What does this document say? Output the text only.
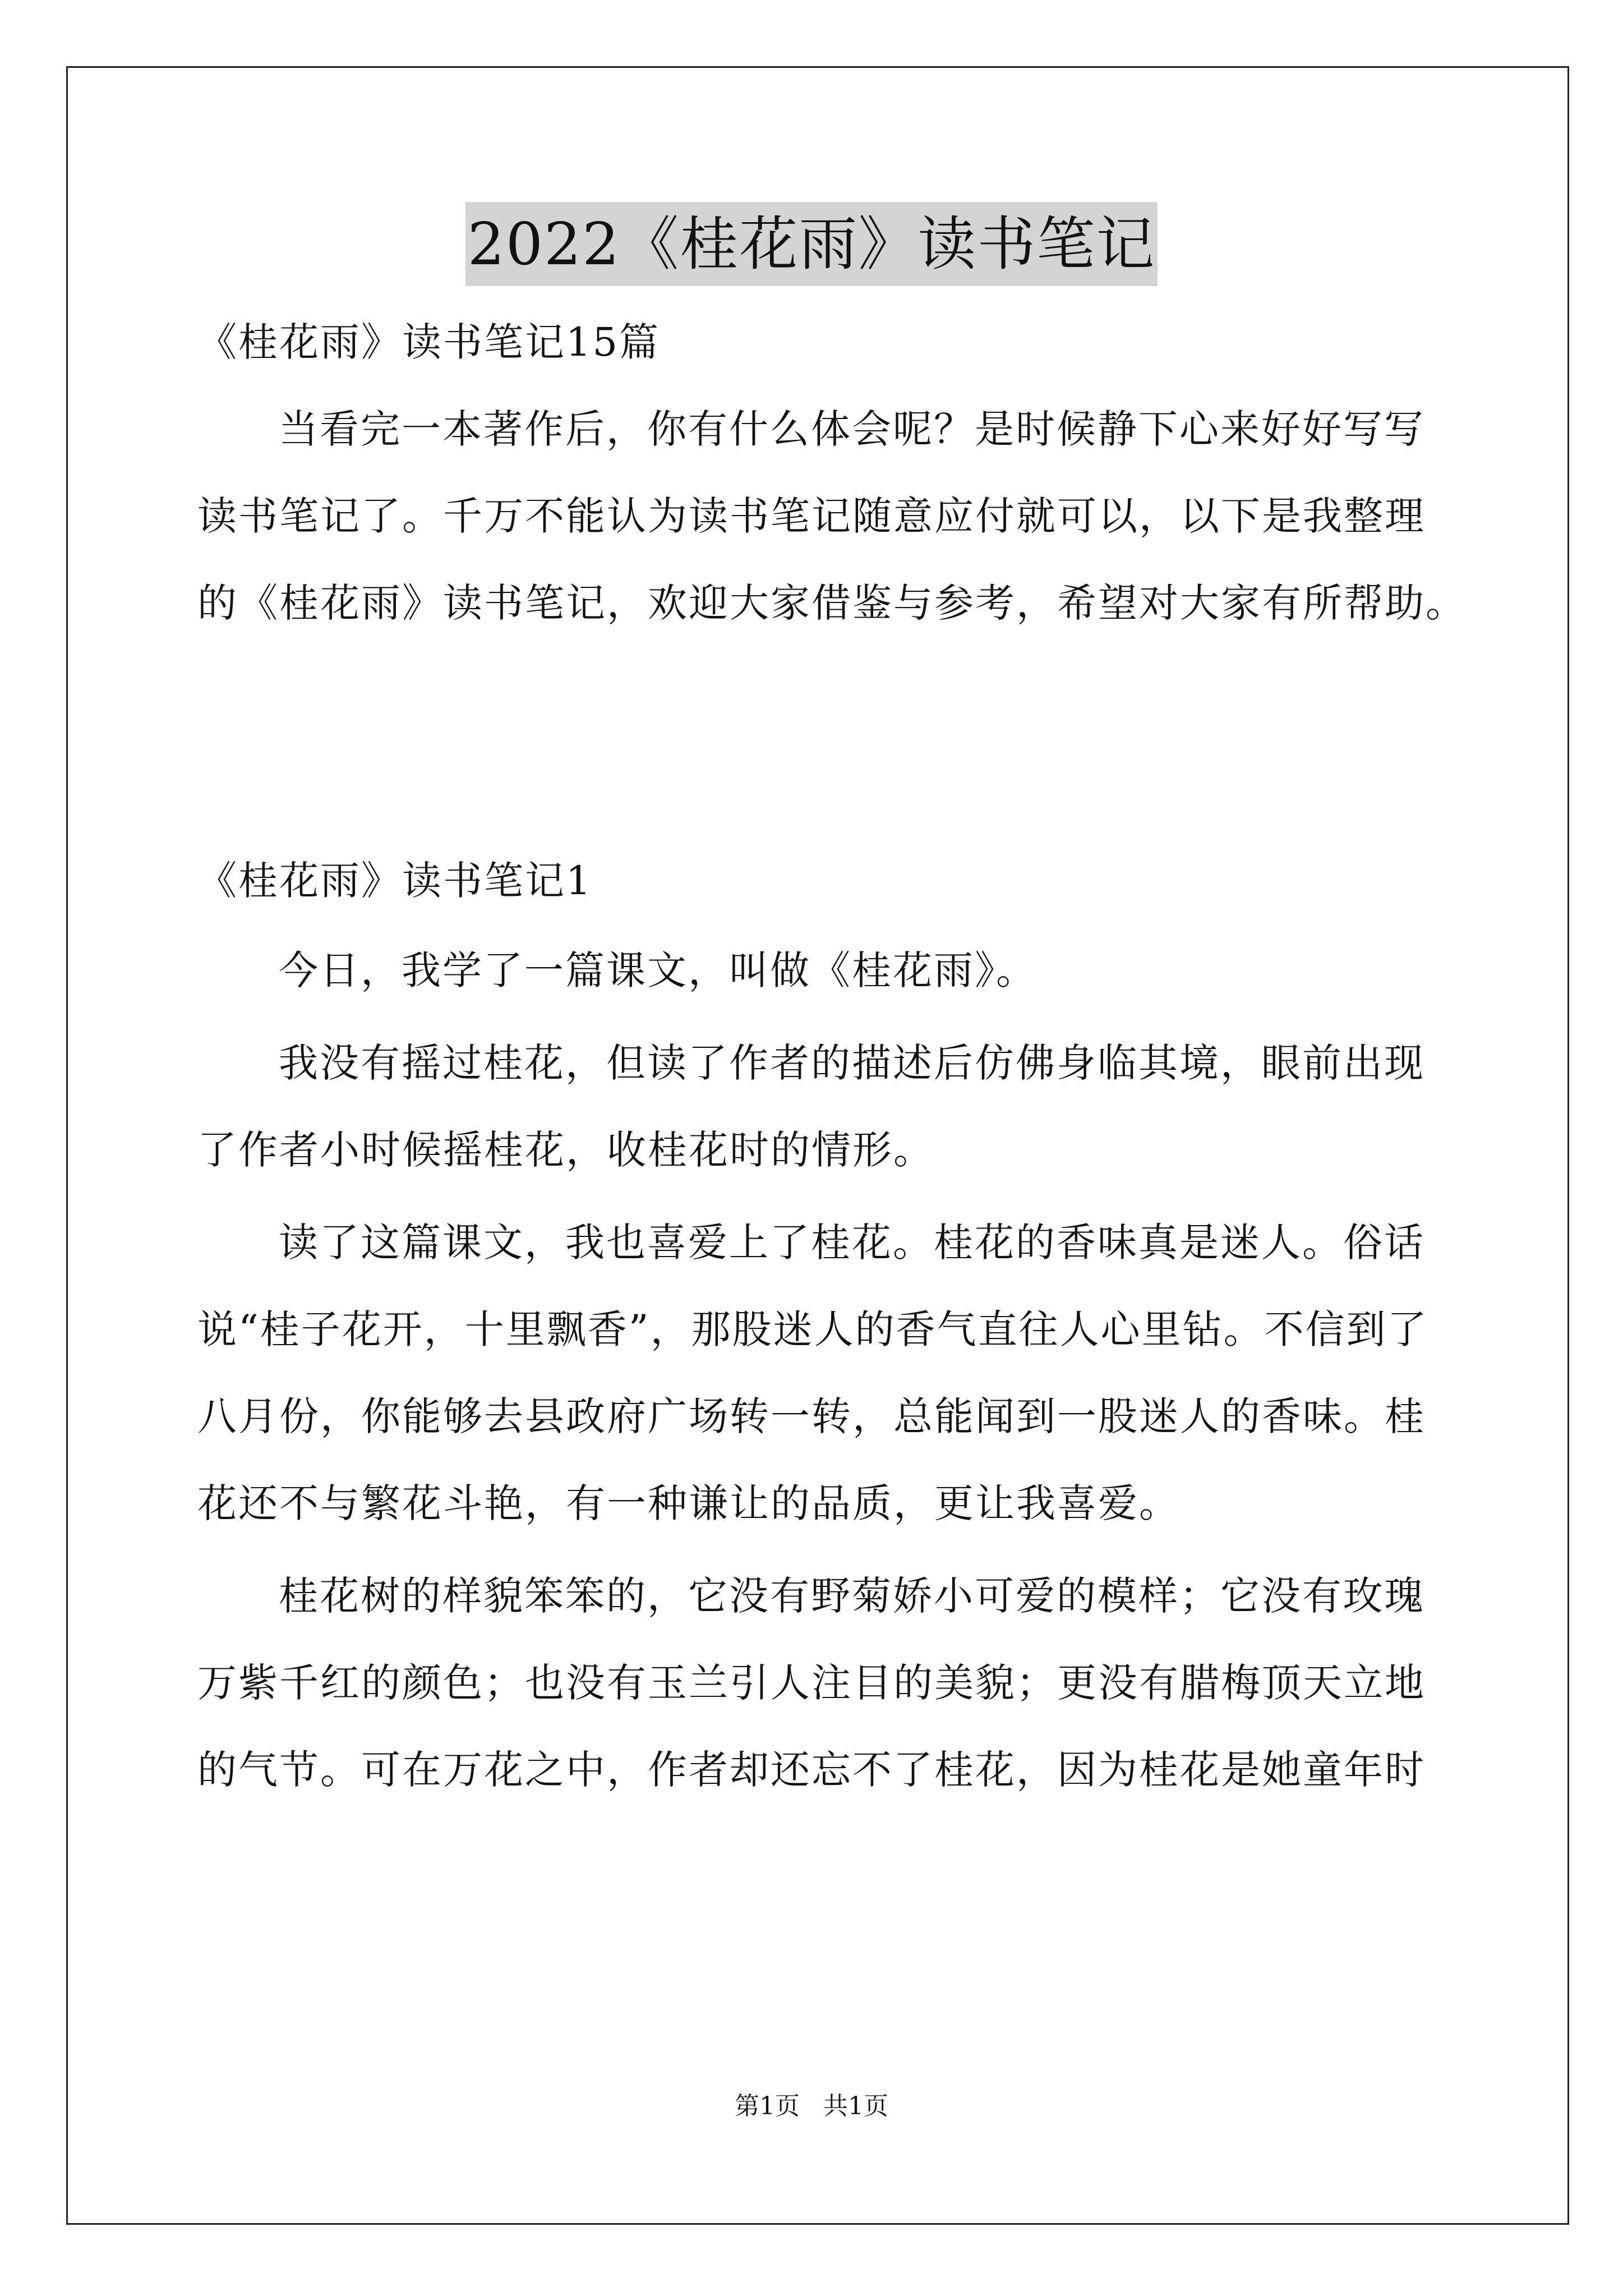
2022《桂花雨》读书笔记
《桂花雨》读书笔记15篇
当看完一本著作后，你有什么体会呢？是时候静下心来好好写写
读书笔记了。千万不能认为读书笔记随意应付就可以，以下是我整理
的《桂花雨》读书笔记，欢迎大家借鉴与参考，希望对大家有所帮助。
《桂花雨》读书笔记1
今日，我学了一篇课文，叫做《桂花雨》。
我没有摇过桂花，但读了作者的描述后仿佛身临其境，眼前出现
了作者小时候摇桂花，收桂花时的情形。
读了这篇课文，我也喜爱上了桂花。桂花的香味真是迷人。俗话
说“桂子花开，十里飘香”，那股迷人的香气直往人心里钻。不信到了
八月份，你能够去县政府广场转一转，总能闻到一股迷人的香味。桂
花还不与繁花斗艳，有一种谦让的品质，更让我喜爱。
桂花树的样貌笨笨的，它没有野菊娇小可爱的模样；它没有玫瑰
万紫千红的颜色；也没有玉兰引人注目的美貌；更没有腊梅顶天立地
的气节。可在万花之中，作者却还忘不了桂花，因为桂花是她童年时
第1页   共1页
